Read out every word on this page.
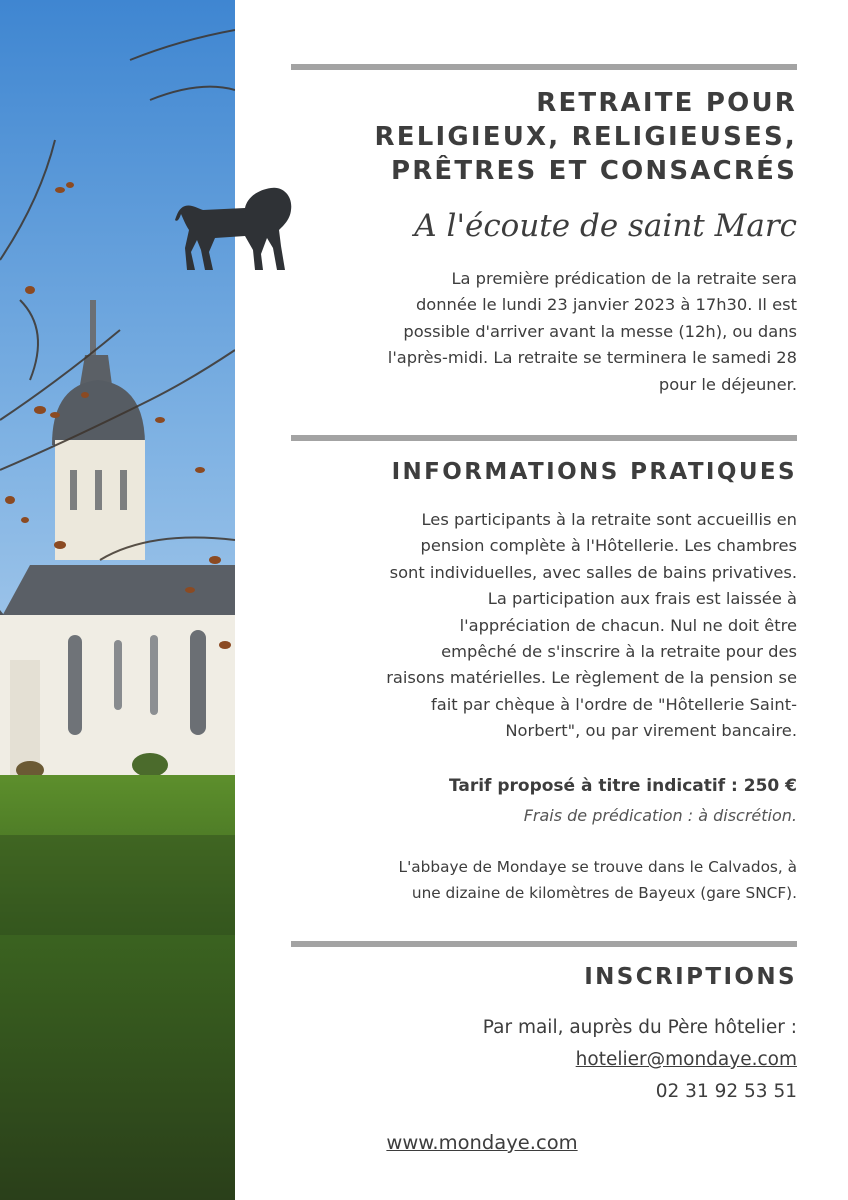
RETRAITE POUR
RELIGIEUX, RELIGIEUSES,
PRÊTRES ET CONSACRÉS
A l'écoute de saint Marc
La première prédication de la retraite sera
donnée le lundi 23 janvier 2023 à 17h30. Il est
possible d'arriver avant la messe (12h), ou dans
l'après-midi. La retraite se terminera le samedi 28
pour le déjeuner.
INFORMATIONS PRATIQUES
Les participants à la retraite sont accueillis en
pension complète à l'Hôtellerie. Les chambres
sont individuelles, avec salles de bains privatives.
La participation aux frais est laissée à
l'appréciation de chacun. Nul ne doit être
empêché de s'inscrire à la retraite pour des
raisons matérielles. Le règlement de la pension se
fait par chèque à l'ordre de "Hôtellerie Saint-
Norbert", ou par virement bancaire.
Tarif proposé à titre indicatif : 250 €
Frais de prédication : à discrétion.
L'abbaye de Mondaye se trouve dans le Calvados, à
une dizaine de kilomètres de Bayeux (gare SNCF).
INSCRIPTIONS
Par mail, auprès du Père hôtelier :
hotelier@mondaye.com
02 31 92 53 51
www.mondaye.com
